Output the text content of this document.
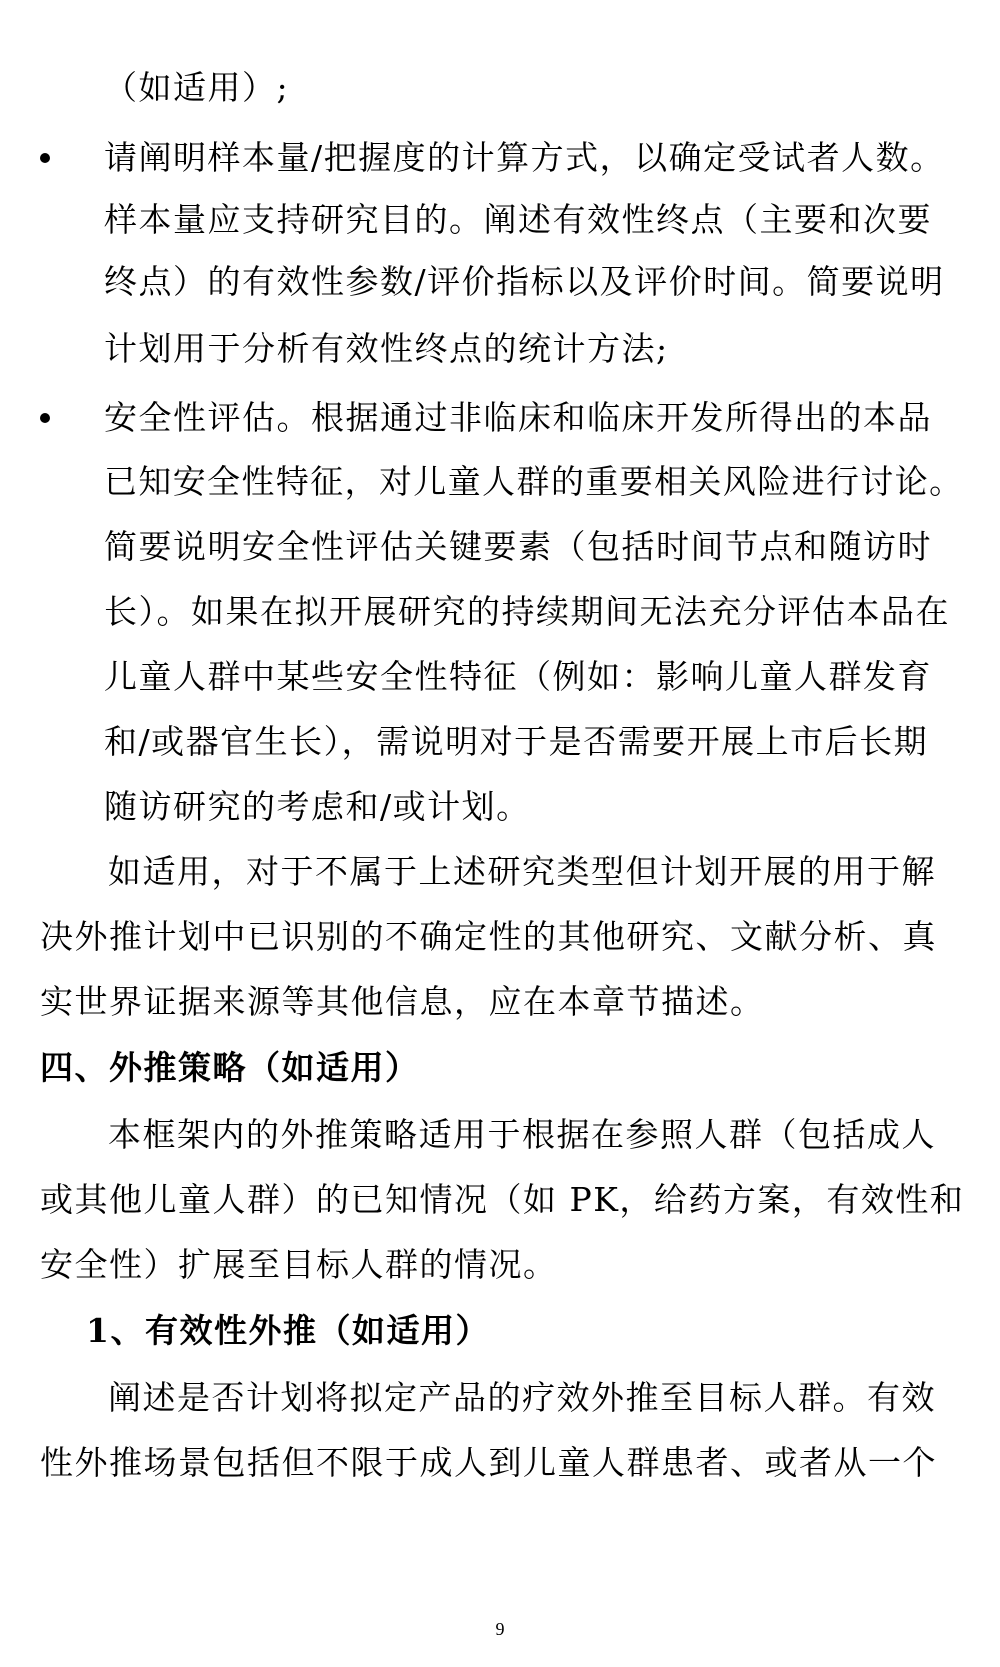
（如适用）;
请阐明样本量/把握度的计算方式，以确定受试者人数。
样本量应支持研究目的。阐述有效性终点（主要和次要
终点）的有效性参数/评价指标以及评价时间。简要说明
计划用于分析有效性终点的统计方法;
安全性评估。根据通过非临床和临床开发所得出的本品
已知安全性特征，对儿童人群的重要相关风险进行讨论。
简要说明安全性评估关键要素（包括时间节点和随访时
长）。如果在拟开展研究的持续期间无法充分评估本品在
儿童人群中某些安全性特征（例如：影响儿童人群发育
和/或器官生长），需说明对于是否需要开展上市后长期
随访研究的考虑和/或计划。
如适用，对于不属于上述研究类型但计划开展的用于解
决外推计划中已识别的不确定性的其他研究、文献分析、真
实世界证据来源等其他信息，应在本章节描述。
四、外推策略（如适用）
本框架内的外推策略适用于根据在参照人群（包括成人
或其他儿童人群）的已知情况（如 PK，给药方案，有效性和
安全性）扩展至目标人群的情况。
1、有效性外推（如适用）
阐述是否计划将拟定产品的疗效外推至目标人群。有效
性外推场景包括但不限于成人到儿童人群患者、或者从一个
9
